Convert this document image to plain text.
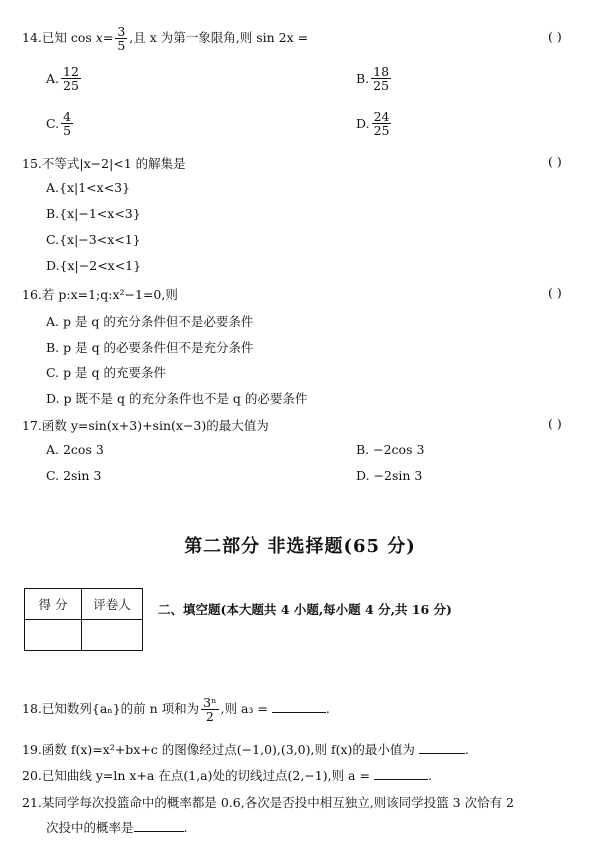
14.已知 $\cos x= \frac{3}{5}$ ,且 x 为第一象限角,则 sin 2x =	( )
A. $\frac{12}{25}$	B. $\frac{18}{25}$
C. $\frac{4}{5}$	D. $\frac{24}{25}$
15.不等式|x−2|<1 的解集是	( )
A.{x|1<x<3}
B.{x|−1<x<3}
C.{x|−3<x<1}
D.{x|−2<x<1}
16.若 p:x=1;q:x²−1=0,则	( )
A. p 是 q 的充分条件但不是必要条件
B. p 是 q 的必要条件但不是充分条件
C. p 是 q 的充要条件
D. p 既不是 q 的充分条件也不是 q 的必要条件
17.函数 y=sin(x+3)+sin(x−3)的最大值为	( )
A. 2cos 3	B. −2cos 3
C. 2sin 3	D. −2sin 3
第二部分 非选择题(65 分)
得 分	评卷人
	二、填空题(本大题共 4 小题,每小题 4 分,共 16 分)
18.已知数列{aₙ}的前 n 项和为 $\frac{\text{3ⁿ}}{2}$ ,则 a₃ =	.
19.函数 f(x)=x²+bx+c 的图像经过点(−1,0),(3,0),则 f(x)的最小值为	.
20.已知曲线 y=ln x+a 在点(1,a)处的切线过点(2,−1),则 a =	.
21.某同学每次投篮命中的概率都是 0.6,各次是否投中相互独立,则该同学投篮 3 次恰有 2
次投中的概率是	.
